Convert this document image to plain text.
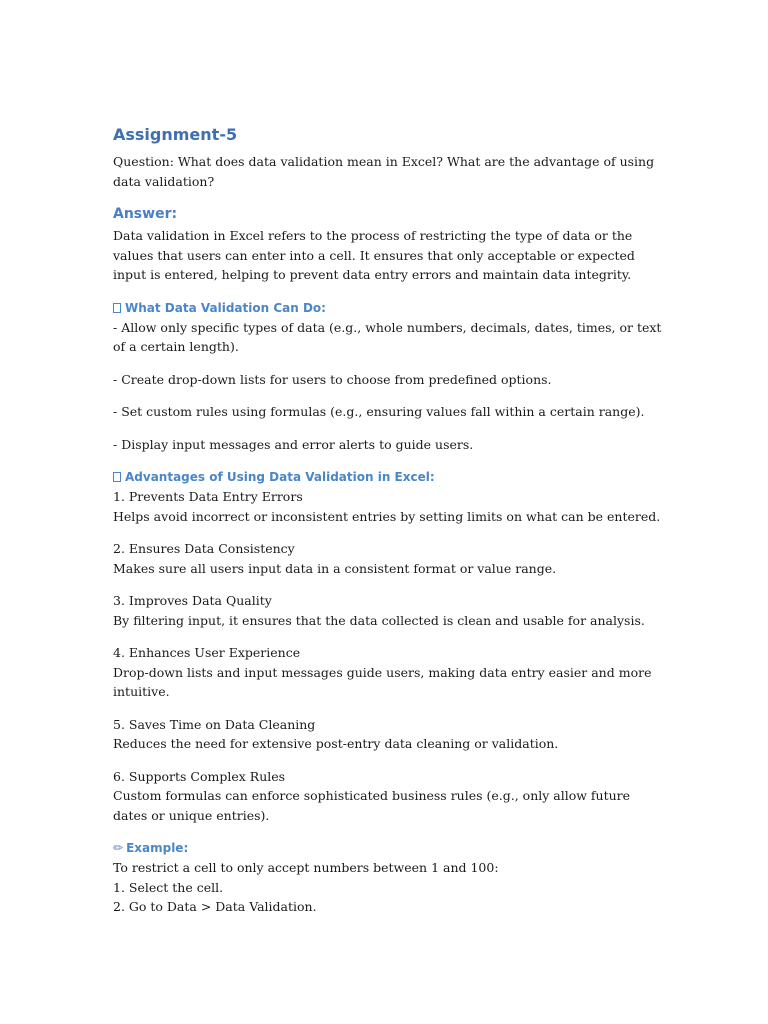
Assignment-5

Question: What does data validation mean in Excel? What are the advantage of using data validation?

Answer:

Data validation in Excel refers to the process of restricting the type of data or the values that users can enter into a cell. It ensures that only acceptable or expected input is entered, helping to prevent data entry errors and maintain data integrity.

What Data Validation Can Do:

- Allow only specific types of data (e.g., whole numbers, decimals, dates, times, or text of a certain length).

- Create drop-down lists for users to choose from predefined options.

- Set custom rules using formulas (e.g., ensuring values fall within a certain range).

- Display input messages and error alerts to guide users.

Advantages of Using Data Validation in Excel:

1. Prevents Data Entry Errors

Helps avoid incorrect or inconsistent entries by setting limits on what can be entered.

2. Ensures Data Consistency

Makes sure all users input data in a consistent format or value range.

3. Improves Data Quality

By filtering input, it ensures that the data collected is clean and usable for analysis.

4. Enhances User Experience

Drop-down lists and input messages guide users, making data entry easier and more intuitive.

5. Saves Time on Data Cleaning

Reduces the need for extensive post-entry data cleaning or validation.

6. Supports Complex Rules

Custom formulas can enforce sophisticated business rules (e.g., only allow future dates or unique entries).

✏ Example:

To restrict a cell to only accept numbers between 1 and 100:

1. Select the cell.

2. Go to Data > Data Validation.
